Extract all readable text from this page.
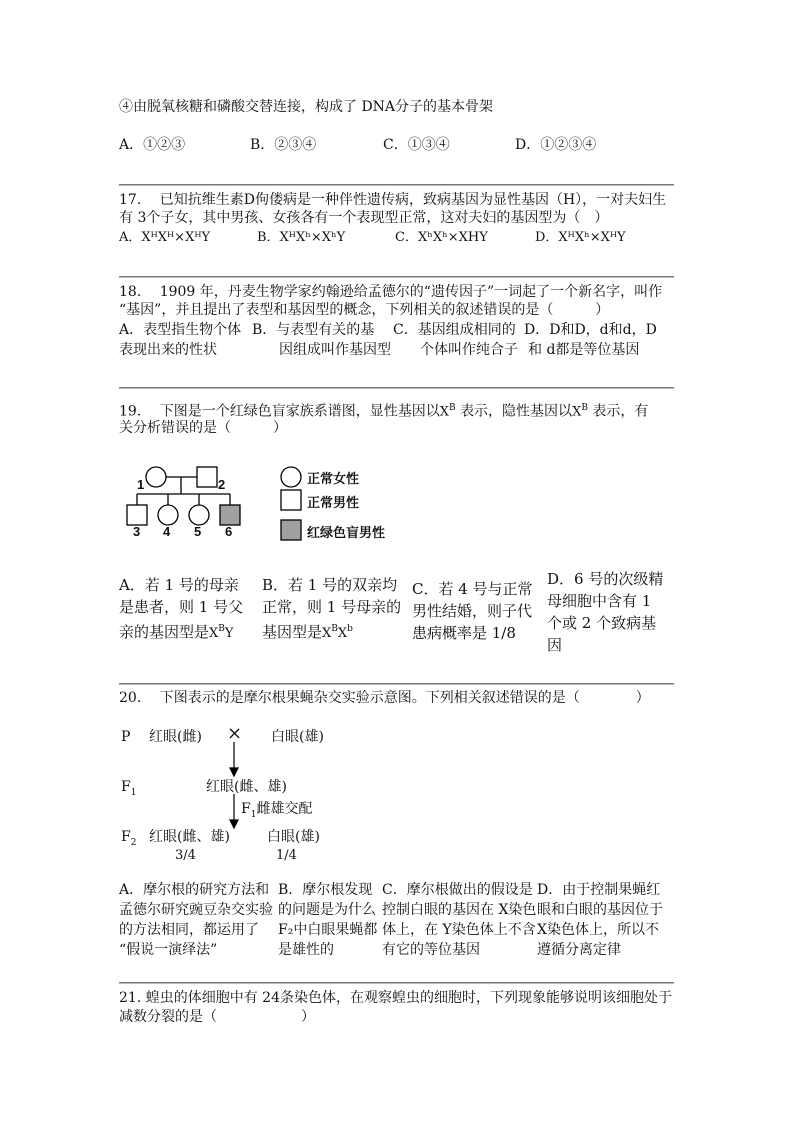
④由脱氧核糖和磷酸交替连接，构成了 DNA分子的基本骨架
A．①②③	B．②③④	C．①③④	D．①②③④
17.　 已知抗维生素D佝偻病是一种伴性遗传病，致病基因为显性基因（H），一对夫妇生
有 3个子女，其中男孩、女孩各有一个表现型正常，这对夫妇的基因型为（　）
A．XᴴXᴴ×XᴴY	B．XᴴXʰ×XʰY	C．XʰXʰ×XHY	D．XᴴXʰ×XᴴY
18.　 1909 年，丹麦生物学家约翰逊给孟德尔的“遗传因子”一词起了一个新名字，叫作
“基因”，并且提出了表型和基因型的概念，下列相关的叙述错误的是（　　　）
A．表型指生物个体
表现出来的性状
B．与表型有关的基
因组成叫作基因型
C．基因组成相同的
个体叫作纯合子
D．D和D，d和d，D
和 d都是等位基因
19.　 下图是一个红绿色盲家族系谱图，显性基因以$X^B$ 表示，隐性基因以$X^B$ 表示，有
关分析错误的是（　　　）
1	2
3 4 5 6
正常女性
正常男性
红绿色盲男性
A．若 1 号的母亲
是患者，则 1 号父
亲的基因型是$X^BY$
B．若 1 号的双亲均
正常，则 1 号母亲的
基因型是$X^BX^b$
C．若 4 号与正常
男性结婚，则子代
患病概率是 1/8
D．6 号的次级精
母细胞中含有 1
个或 2 个致病基
因
20.　 下图表示的是摩尔根果蝇杂交实验示意图。下列相关叙述错误的是（　　　　）
P 红眼(雌) × 白眼(雄)
$F_1$	红眼(雌、雄)
$F_1$雌雄交配
$F_2$ 红眼(雌、雄)	白眼(雄)
3/4	1/4
A．摩尔根的研究方法和
孟德尔研究豌豆杂交实验
的方法相同，都运用了
“假说一演绎法”
B．摩尔根发现
的问题是为什么
F₂中白眼果蝇都
是雄性的
C．摩尔根做出的假设是
控制白眼的基因在 X染色
体上，在 Y染色体上不含
有它的等位基因
D．由于控制果蝇红
眼和白眼的基因位于
X染色体上，所以不
遵循分离定律
21. 蝗虫的体细胞中有 24条染色体，在观察蝗虫的细胞时，下列现象能够说明该细胞处于
减数分裂的是（　　　　　　）
